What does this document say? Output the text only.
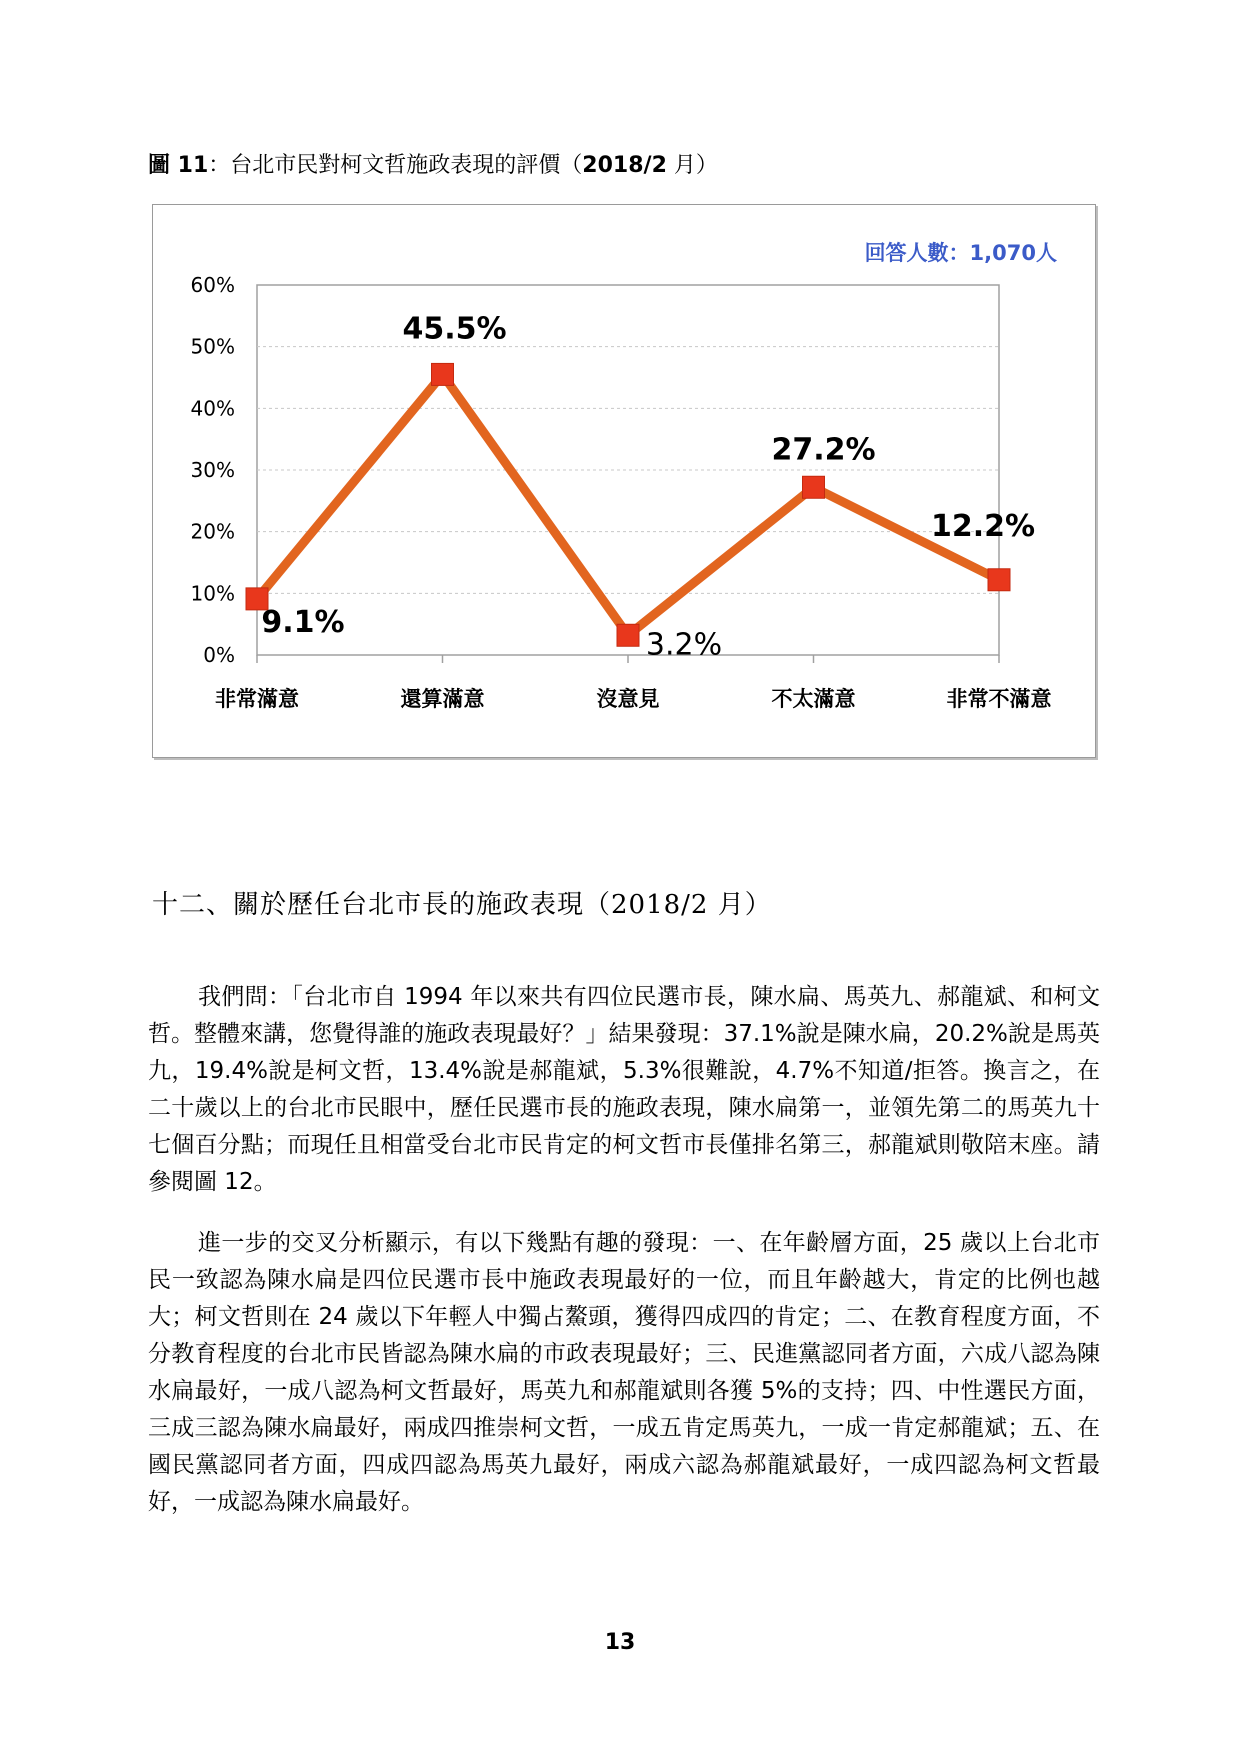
圖 11：台北市民對柯文哲施政表現的評價（2018/2 月）
0%
10%
20%
30%
40%
50%
60%
非常滿意	還算滿意	沒意見	不太滿意	非常不滿意
9.1%
45.5%
3.2%
27.2%
12.2%
回答人數：1,070人
十二、關於歷任台北市長的施政表現（2018/2 月）

我們問：「台北市自 1994 年以來共有四位民選市長，陳水扁、馬英九、郝龍斌、和柯文哲。整體來講，您覺得誰的施政表現最好？」結果發現：37.1%說是陳水扁，20.2%說是馬英九，19.4%說是柯文哲，13.4%說是郝龍斌，5.3%很難說，4.7%不知道/拒答。換言之，在二十歲以上的台北市民眼中，歷任民選市長的施政表現，陳水扁第一，並領先第二的馬英九十七個百分點；而現任且相當受台北市民肯定的柯文哲市長僅排名第三，郝龍斌則敬陪末座。請參閱圖 12。

進一步的交叉分析顯示，有以下幾點有趣的發現：一、在年齡層方面，25 歲以上台北市民一致認為陳水扁是四位民選市長中施政表現最好的一位，而且年齡越大，肯定的比例也越大；柯文哲則在 24 歲以下年輕人中獨占鰲頭，獲得四成四的肯定；二、在教育程度方面，不分教育程度的台北市民皆認為陳水扁的市政表現最好；三、民進黨認同者方面，六成八認為陳水扁最好，一成八認為柯文哲最好，馬英九和郝龍斌則各獲 5%的支持；四、中性選民方面，三成三認為陳水扁最好，兩成四推崇柯文哲，一成五肯定馬英九，一成一肯定郝龍斌；五、在國民黨認同者方面，四成四認為馬英九最好，兩成六認為郝龍斌最好，一成四認為柯文哲最好，一成認為陳水扁最好。

13
